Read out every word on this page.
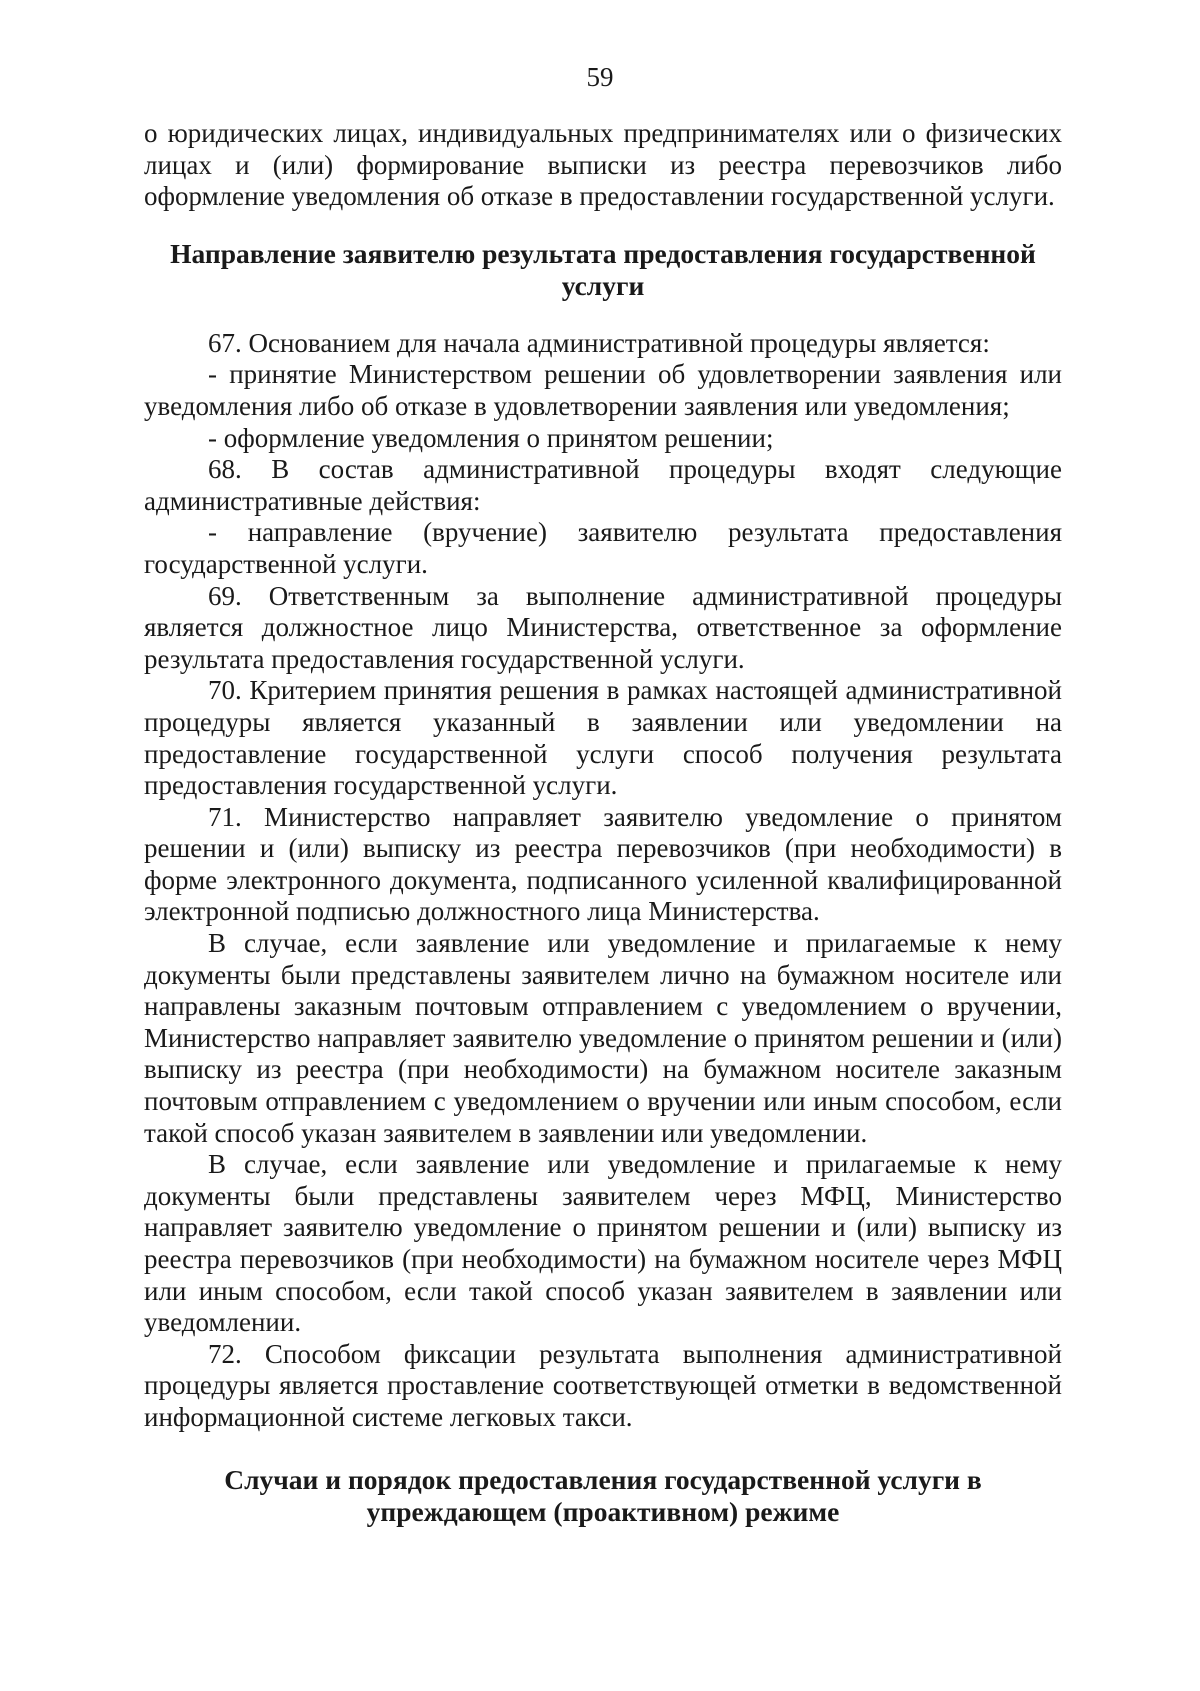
59

о юридических лицах, индивидуальных предпринимателях или о физических лицах и (или) формирование выписки из реестра перевозчиков либо оформление уведомления об отказе в предоставлении государственной услуги.

Направление заявителю результата предоставления государственной услуги

67. Основанием для начала административной процедуры является:

- принятие Министерством решении об удовлетворении заявления или уведомления либо об отказе в удовлетворении заявления или уведомления;

- оформление уведомления о принятом решении;

68. В состав административной процедуры входят следующие административные действия:

- направление (вручение) заявителю результата предоставления государственной услуги.

69. Ответственным за выполнение административной процедуры является должностное лицо Министерства, ответственное за оформление результата предоставления государственной услуги.

70. Критерием принятия решения в рамках настоящей административной процедуры является указанный в заявлении или уведомлении на предоставление государственной услуги способ получения результата предоставления государственной услуги.

71. Министерство направляет заявителю уведомление о принятом решении и (или) выписку из реестра перевозчиков (при необходимости) в форме электронного документа, подписанного усиленной квалифицированной электронной подписью должностного лица Министерства.

В случае, если заявление или уведомление и прилагаемые к нему документы были представлены заявителем лично на бумажном носителе или направлены заказным почтовым отправлением с уведомлением о вручении, Министерство направляет заявителю уведомление о принятом решении и (или) выписку из реестра (при необходимости) на бумажном носителе заказным почтовым отправлением с уведомлением о вручении или иным способом, если такой способ указан заявителем в заявлении или уведомлении.

В случае, если заявление или уведомление и прилагаемые к нему документы были представлены заявителем через МФЦ, Министерство направляет заявителю уведомление о принятом решении и (или) выписку из реестра перевозчиков (при необходимости) на бумажном носителе через МФЦ или иным способом, если такой способ указан заявителем в заявлении или уведомлении.

72. Способом фиксации результата выполнения административной процедуры является проставление соответствующей отметки в ведомственной информационной системе легковых такси.

Случаи и порядок предоставления государственной услуги в упреждающем (проактивном) режиме
